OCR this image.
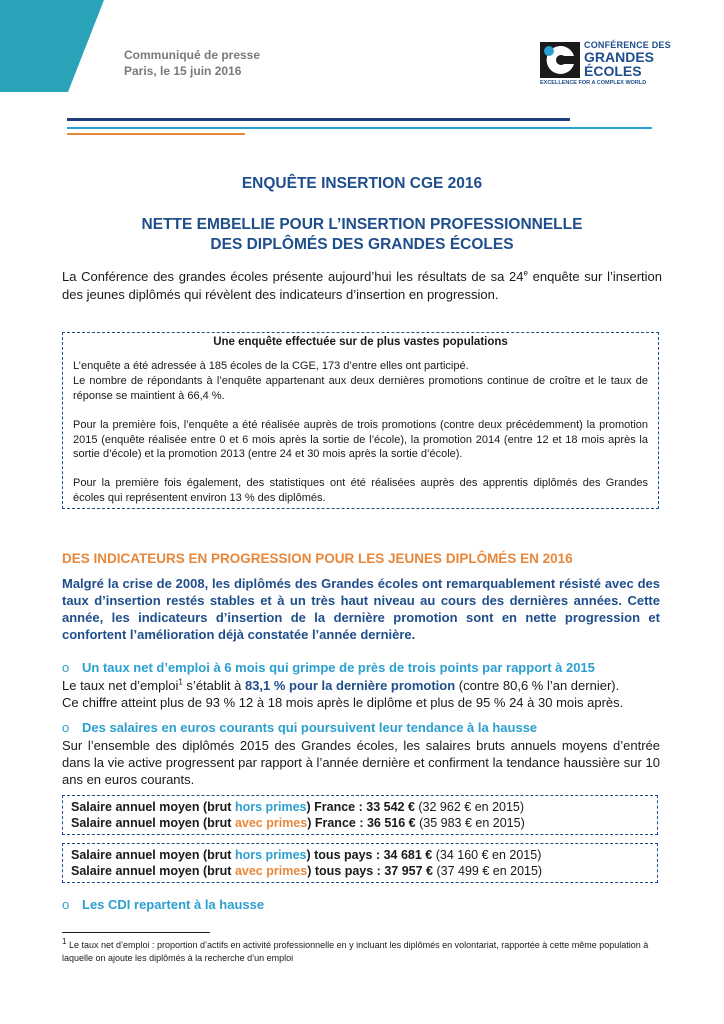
Communiqué de presse
Paris, le 15 juin 2016
CONFÉRENCE DES
GRANDES
ÉCOLES
EXCELLENCE FOR A COMPLEX WORLD
ENQUÊTE INSERTION CGE 2016
NETTE EMBELLIE POUR L’INSERTION PROFESSIONNELLE
DES DIPLÔMÉS DES GRANDES ÉCOLES
La Conférence des grandes écoles présente aujourd’hui les résultats de sa 24e enquête sur l’insertion des jeunes diplômés qui révèlent des indicateurs d’insertion en progression.
Une enquête effectuée sur de plus vastes populations
L’enquête a été adressée à 185 écoles de la CGE, 173 d’entre elles ont participé.
Le nombre de répondants à l’enquête appartenant aux deux dernières promotions continue de croître et le taux de réponse se maintient à 66,4 %.
Pour la première fois, l’enquête a été réalisée auprès de trois promotions (contre deux précédemment) la promotion 2015 (enquête réalisée entre 0 et 6 mois après la sortie de l’école), la promotion 2014 (entre 12 et 18 mois après la sortie d’école) et la promotion 2013 (entre 24 et 30 mois après la sortie d’école).
Pour la première fois également, des statistiques ont été réalisées auprès des apprentis diplômés des Grandes écoles qui représentent environ 13 % des diplômés.
DES INDICATEURS EN PROGRESSION POUR LES JEUNES DIPLÔMÉS EN 2016
Malgré la crise de 2008, les diplômés des Grandes écoles ont remarquablement résisté avec des taux d’insertion restés stables et à un très haut niveau au cours des dernières années. Cette année, les indicateurs d’insertion de la dernière promotion sont en nette progression et confortent l’amélioration déjà constatée l’année dernière.
o Un taux net d’emploi à 6 mois qui grimpe de près de trois points par rapport à 2015
Le taux net d’emploi$^1$ s’établit à 83,1 % pour la dernière promotion (contre 80,6 % l’an dernier).
Ce chiffre atteint plus de 93 % 12 à 18 mois après le diplôme et plus de 95 % 24 à 30 mois après.
o Des salaires en euros courants qui poursuivent leur tendance à la hausse
Sur l’ensemble des diplômés 2015 des Grandes écoles, les salaires bruts annuels moyens d’entrée dans la vie active progressent par rapport à l’année dernière et confirment la tendance haussière sur 10 ans en euros courants.
Salaire annuel moyen (brut hors primes) France : 33 542 € (32 962 € en 2015)
Salaire annuel moyen (brut avec primes) France : 36 516 € (35 983 € en 2015)
Salaire annuel moyen (brut hors primes) tous pays : 34 681 € (34 160 € en 2015)
Salaire annuel moyen (brut avec primes) tous pays : 37 957 € (37 499 € en 2015)
o Les CDI repartent à la hausse
$^1$ Le taux net d’emploi : proportion d’actifs en activité professionnelle en y incluant les diplômés en volontariat, rapportée à cette même population à laquelle on ajoute les diplômés à la recherche d’un emploi
